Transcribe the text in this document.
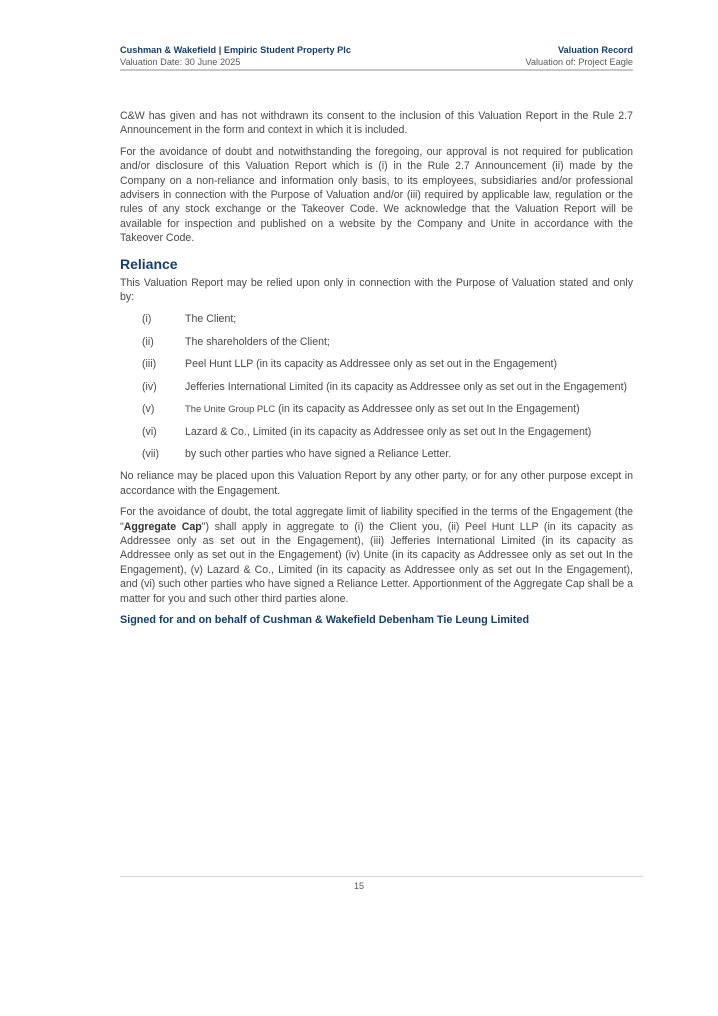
Cushman & Wakefield | Empiric Student Property Plc	Valuation Record
Valuation Date: 30 June 2025	Valuation of: Project Eagle

C&W has given and has not withdrawn its consent to the inclusion of this Valuation Report in the Rule 2.7 Announcement in the form and context in which it is included.

For the avoidance of doubt and notwithstanding the foregoing, our approval is not required for publication and/or disclosure of this Valuation Report which is (i) in the Rule 2.7 Announcement (ii) made by the Company on a non-reliance and information only basis, to its employees, subsidiaries and/or professional advisers in connection with the Purpose of Valuation and/or (iii) required by applicable law, regulation or the rules of any stock exchange or the Takeover Code. We acknowledge that the Valuation Report will be available for inspection and published on a website by the Company and Unite in accordance with the Takeover Code.

Reliance

This Valuation Report may be relied upon only in connection with the Purpose of Valuation stated and only by:

(i)	The Client;
(ii)	The shareholders of the Client;
(iii)	Peel Hunt LLP (in its capacity as Addressee only as set out in the Engagement)
(iv)	Jefferies International Limited (in its capacity as Addressee only as set out in the Engagement)
(v)	The Unite Group PLC (in its capacity as Addressee only as set out In the Engagement)
(vi)	Lazard & Co., Limited (in its capacity as Addressee only as set out In the Engagement)
(vii)	by such other parties who have signed a Reliance Letter.

No reliance may be placed upon this Valuation Report by any other party, or for any other purpose except in accordance with the Engagement.

For the avoidance of doubt, the total aggregate limit of liability specified in the terms of the Engagement (the "Aggregate Cap") shall apply in aggregate to (i) the Client you, (ii) Peel Hunt LLP (in its capacity as Addressee only as set out in the Engagement), (iii) Jefferies International Limited (in its capacity as Addressee only as set out in the Engagement) (iv) Unite (in its capacity as Addressee only as set out In the Engagement), (v) Lazard & Co., Limited (in its capacity as Addressee only as set out In the Engagement), and (vi) such other parties who have signed a Reliance Letter. Apportionment of the Aggregate Cap shall be a matter for you and such other third parties alone.

Signed for and on behalf of Cushman & Wakefield Debenham Tie Leung Limited
15
